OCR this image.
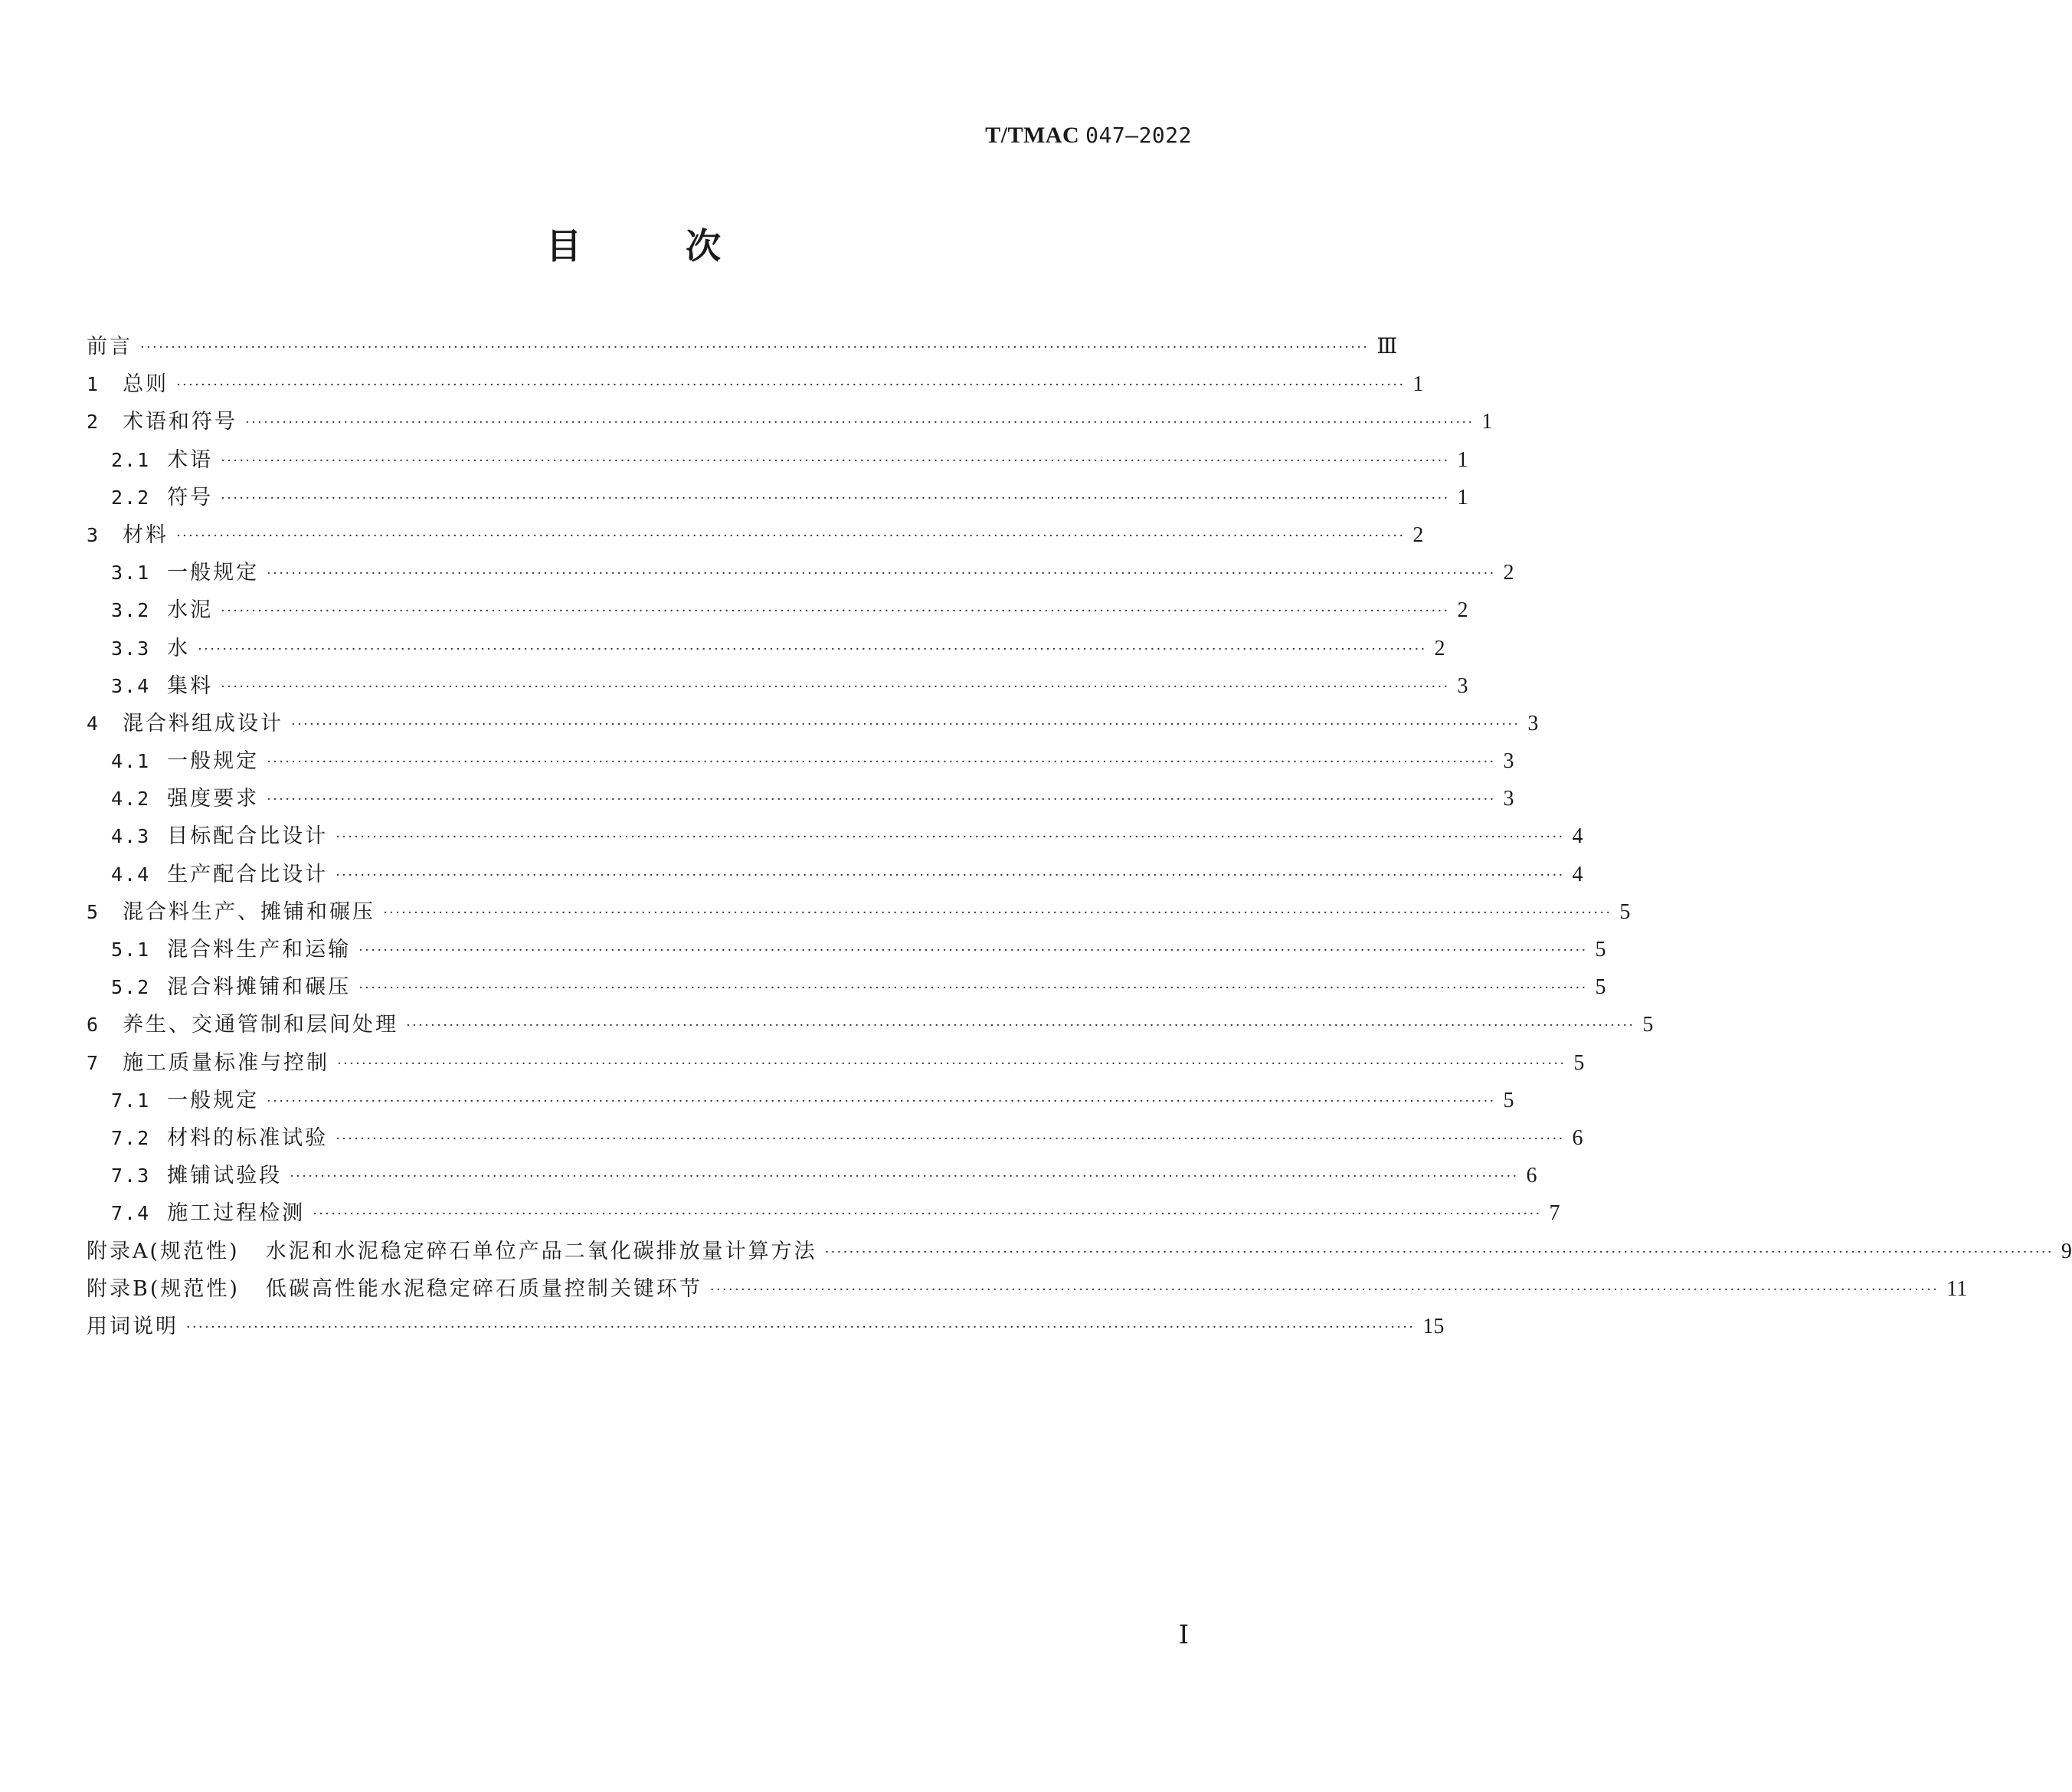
T/TMAC 047—2022
目 次
前言 ········································································································································································································ Ⅲ
1 总则 ········································································································································································································ 1
2 术语和符号 ········································································································································································································ 1
2.1 术语 ········································································································································································································ 1
2.2 符号 ········································································································································································································ 1
3 材料 ········································································································································································································ 2
3.1 一般规定 ········································································································································································································ 2
3.2 水泥 ········································································································································································································ 2
3.3 水 ········································································································································································································ 2
3.4 集料 ········································································································································································································ 3
4 混合料组成设计 ········································································································································································································ 3
4.1 一般规定 ········································································································································································································ 3
4.2 强度要求 ········································································································································································································ 3
4.3 目标配合比设计 ········································································································································································································ 4
4.4 生产配合比设计 ········································································································································································································ 4
5 混合料生产、摊铺和碾压 ········································································································································································································ 5
5.1 混合料生产和运输 ········································································································································································································ 5
5.2 混合料摊铺和碾压 ········································································································································································································ 5
6 养生、交通管制和层间处理 ········································································································································································································ 5
7 施工质量标准与控制 ········································································································································································································ 5
7.1 一般规定 ········································································································································································································ 5
7.2 材料的标准试验 ········································································································································································································ 6
7.3 摊铺试验段 ········································································································································································································ 6
7.4 施工过程检测 ········································································································································································································ 7
附录A(规范性) 水泥和水泥稳定碎石单位产品二氧化碳排放量计算方法 ········································································································································································································ 9
附录B(规范性) 低碳高性能水泥稳定碎石质量控制关键环节 ········································································································································································································ 11
用词说明 ········································································································································································································ 15
Ⅰ
